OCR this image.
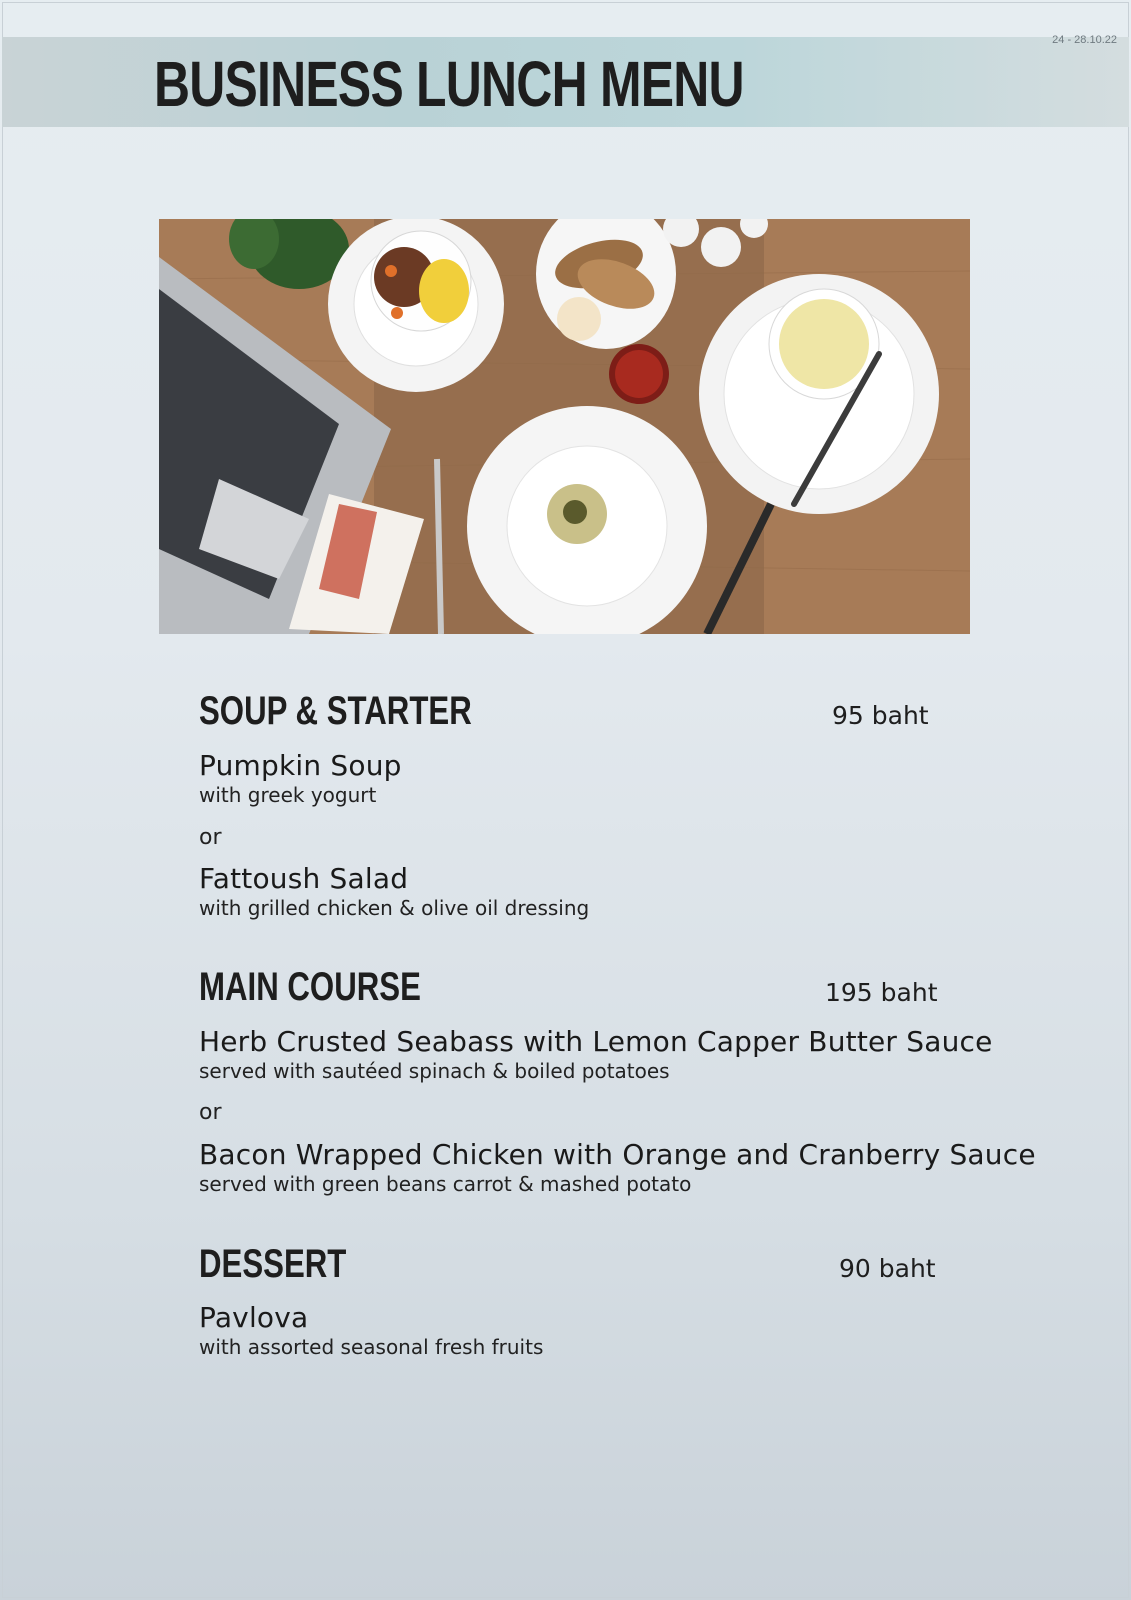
BUSINESS LUNCH MENU
24 - 28.10.22
SOUP & STARTER	95 baht
Pumpkin Soup
with greek yogurt
or
Fattoush Salad
with grilled chicken & olive oil dressing
MAIN COURSE	195 baht
Herb Crusted Seabass with Lemon Capper Butter Sauce
served with sautéed spinach & boiled potatoes
or
Bacon Wrapped Chicken with Orange and Cranberry Sauce
served with green beans carrot & mashed potato
DESSERT	90 baht
Pavlova
with assorted seasonal fresh fruits
